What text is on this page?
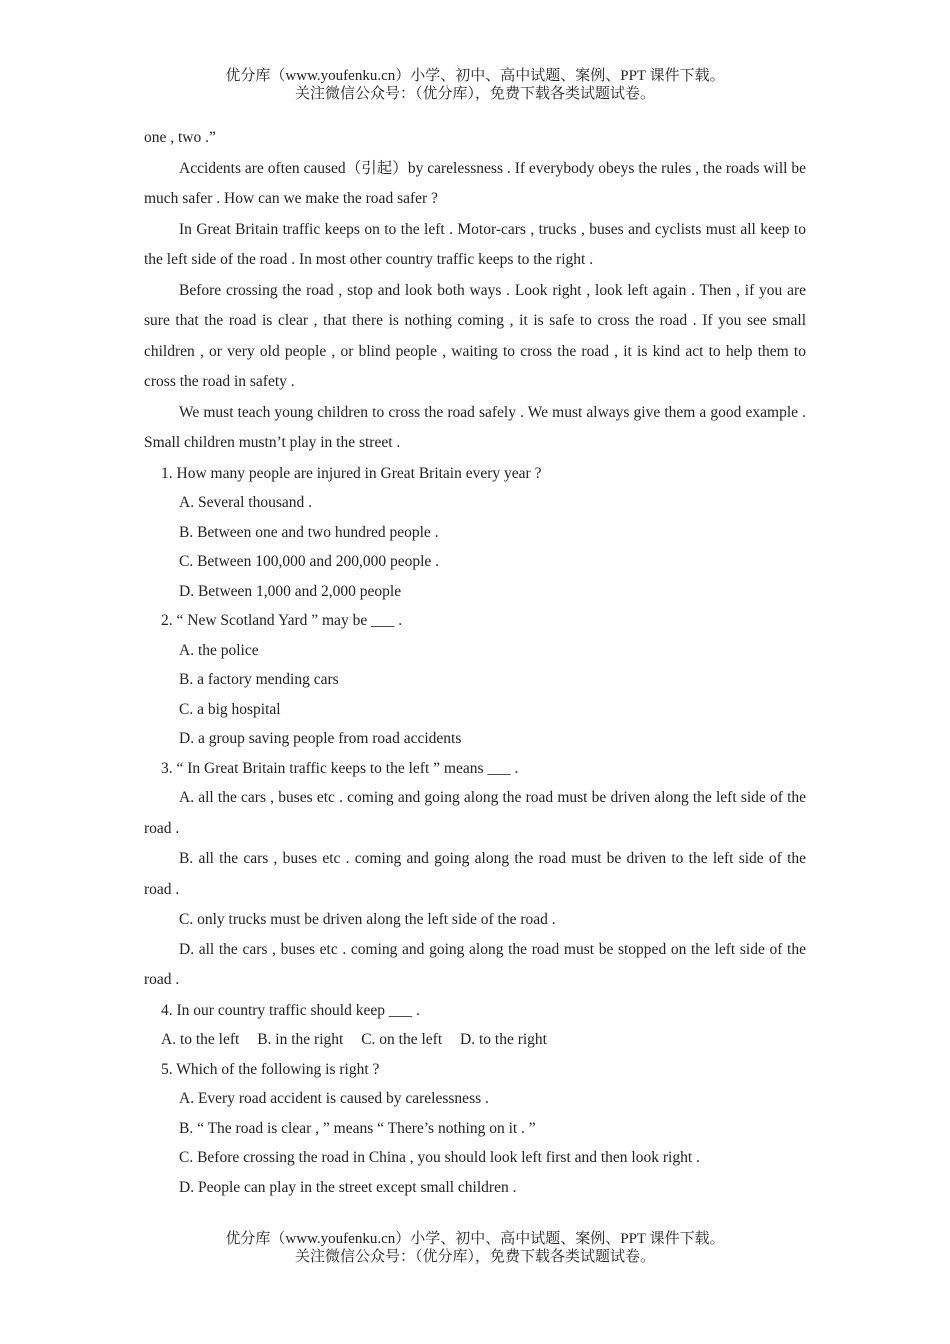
优分库（www.youfenku.cn）小学、初中、高中试题、案例、PPT 课件下载。
关注微信公众号：（优分库），免费下载各类试题试卷。

one , two .”

Accidents are often caused（引起）by carelessness . If everybody obeys the rules , the roads will be much safer . How can we make the road safer ?

In Great Britain traffic keeps on to the left . Motor-cars , trucks , buses and cyclists must all keep to the left side of the road . In most other country traffic keeps to the right .

Before crossing the road , stop and look both ways . Look right , look left again . Then , if you are sure that the road is clear , that there is nothing coming , it is safe to cross the road . If you see small children , or very old people , or blind people , waiting to cross the road , it is kind act to help them to cross the road in safety .

We must teach young children to cross the road safely . We must always give them a good example . Small children mustn’t play in the street .

1. How many people are injured in Great Britain every year ?

A. Several thousand .

B. Between one and two hundred people .

C. Between 100,000 and 200,000 people .

D. Between 1,000 and 2,000 people

2. “ New Scotland Yard ” may be ___ .

A. the police

B. a factory mending cars

C. a big hospital

D. a group saving people from road accidents

3. “ In Great Britain traffic keeps to the left ” means ___ .

A. all the cars , buses etc . coming and going along the road must be driven along the left side of the road .

B. all the cars , buses etc . coming and going along the road must be driven to the left side of the road .

C. only trucks must be driven along the left side of the road .

D. all the cars , buses etc . coming and going along the road must be stopped on the left side of the road .

4. In our country traffic should keep ___ .

A. to the left B. in the right C. on the left D. to the right

5. Which of the following is right ?

A. Every road accident is caused by carelessness .

B. “ The road is clear , ” means “ There’s nothing on it . ”

C. Before crossing the road in China , you should look left first and then look right .

D. People can play in the street except small children .

优分库（www.youfenku.cn）小学、初中、高中试题、案例、PPT 课件下载。
关注微信公众号：（优分库），免费下载各类试题试卷。
